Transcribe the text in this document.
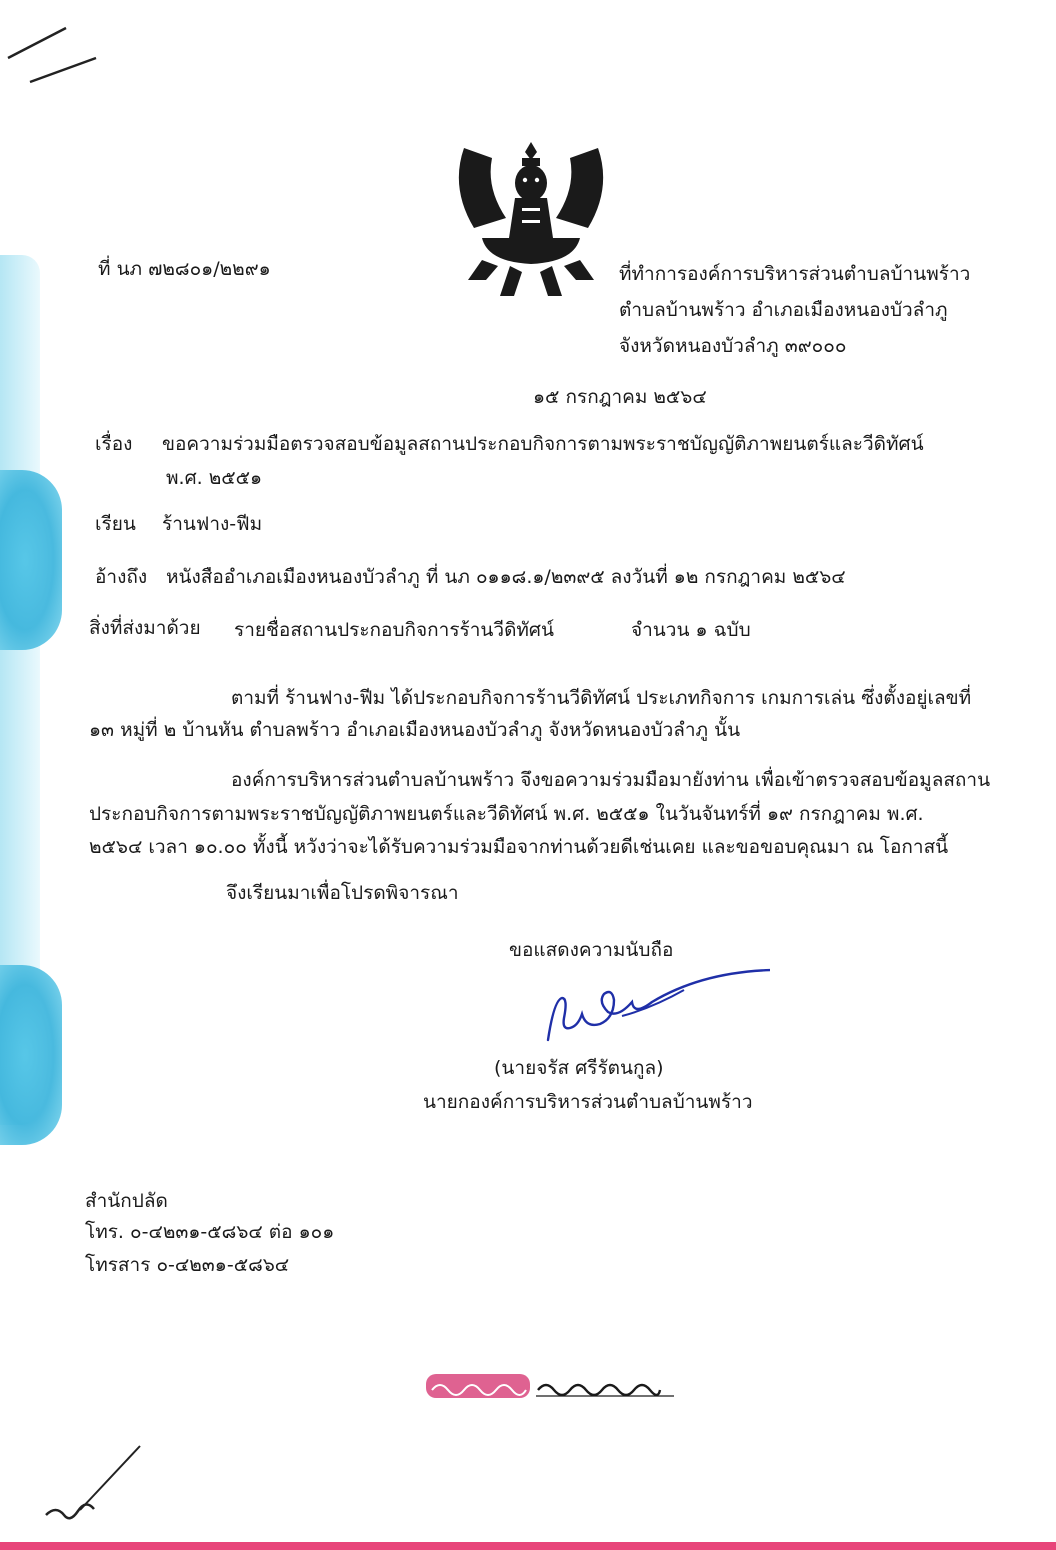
ที่ นภ ๗๒๘๐๑/๒๒๙๑	ที่ทำการองค์การบริหารส่วนตำบลบ้านพร้าว
ตำบลบ้านพร้าว อำเภอเมืองหนองบัวลำภู
จังหวัดหนองบัวลำภู ๓๙๐๐๐
๑๕ กรกฎาคม ๒๕๖๔
เรื่อง ขอความร่วมมือตรวจสอบข้อมูลสถานประกอบกิจการตามพระราชบัญญัติภาพยนตร์และวีดิทัศน์
พ.ศ. ๒๕๕๑
เรียน ร้านฟาง-ฟีม
อ้างถึง หนังสืออำเภอเมืองหนองบัวลำภู ที่ นภ ๐๑๑๘.๑/๒๓๙๕ ลงวันที่ ๑๒ กรกฎาคม ๒๕๖๔
สิ่งที่ส่งมาด้วย รายชื่อสถานประกอบกิจการร้านวีดิทัศน์	จำนวน ๑ ฉบับ
ตามที่ ร้านฟาง-ฟีม ได้ประกอบกิจการร้านวีดิทัศน์ ประเภทกิจการ เกมการเล่น ซึ่งตั้งอยู่เลขที่
๑๓ หมู่ที่ ๒ บ้านหัน ตำบลพร้าว อำเภอเมืองหนองบัวลำภู จังหวัดหนองบัวลำภู นั้น
องค์การบริหารส่วนตำบลบ้านพร้าว จึงขอความร่วมมือมายังท่าน เพื่อเข้าตรวจสอบข้อมูลสถาน
ประกอบกิจการตามพระราชบัญญัติภาพยนตร์และวีดิทัศน์ พ.ศ. ๒๕๕๑ ในวันจันทร์ที่ ๑๙ กรกฎาคม พ.ศ.
๒๕๖๔ เวลา ๑๐.๐๐ ทั้งนี้ หวังว่าจะได้รับความร่วมมือจากท่านด้วยดีเช่นเคย และขอขอบคุณมา ณ โอกาสนี้
จึงเรียนมาเพื่อโปรดพิจารณา
ขอแสดงความนับถือ
(นายจรัส ศรีรัตนกูล)
นายกองค์การบริหารส่วนตำบลบ้านพร้าว
สำนักปลัด
โทร. ๐-๔๒๓๑-๕๘๖๔ ต่อ ๑๐๑
โทรสาร ๐-๔๒๓๑-๕๘๖๔
